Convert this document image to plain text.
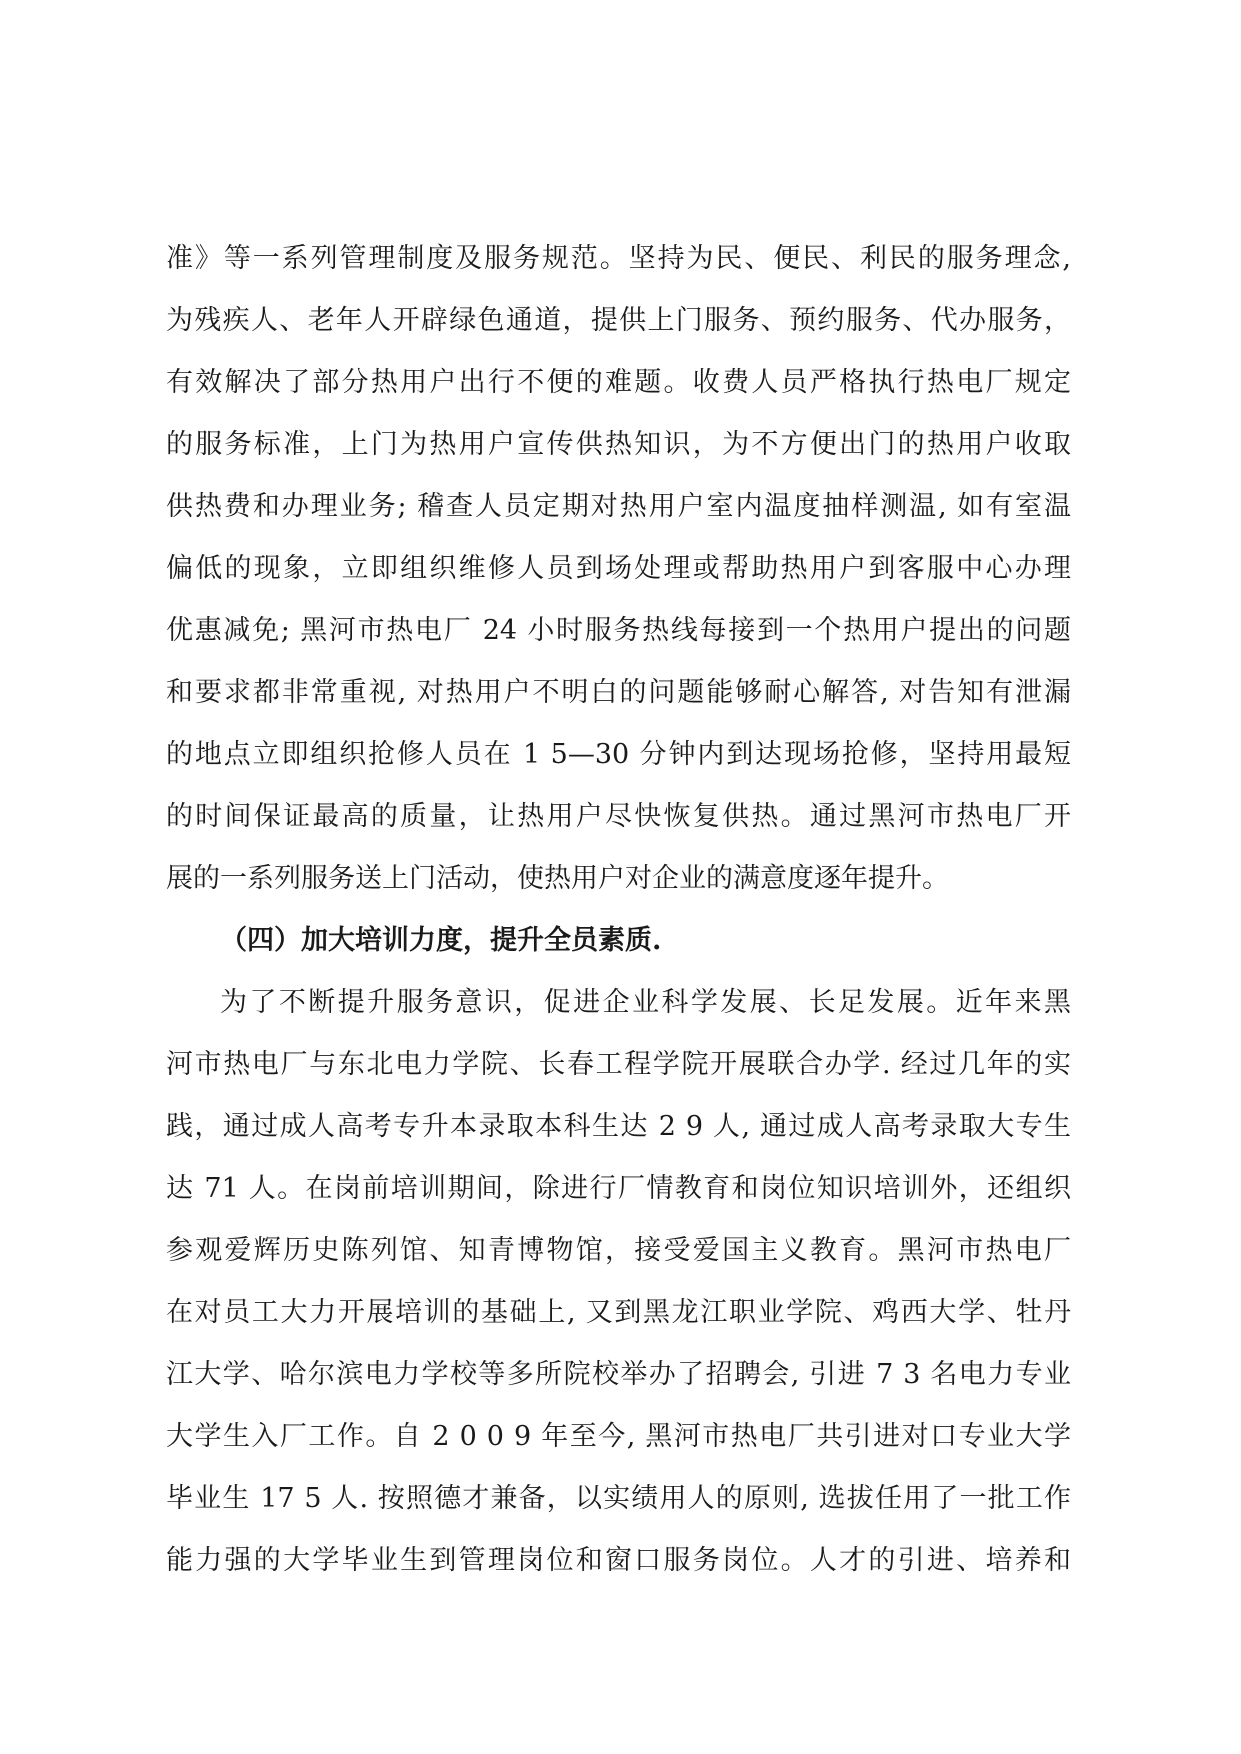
准》等一系列管理制度及服务规范。坚持为民、便民、利民的服务理念,
为残疾人、老年人开辟绿色通道，提供上门服务、预约服务、代办服务，
有效解决了部分热用户出行不便的难题。收费人员严格执行热电厂规定
的服务标准，上门为热用户宣传供热知识，为不方便出门的热用户收取
供热费和办理业务; 稽查人员定期对热用户室内温度抽样测温, 如有室温
偏低的现象，立即组织维修人员到场处理或帮助热用户到客服中心办理
优惠减免; 黑河市热电厂 24 小时服务热线每接到一个热用户提出的问题
和要求都非常重视, 对热用户不明白的问题能够耐心解答, 对告知有泄漏
的地点立即组织抢修人员在 1 5—30 分钟内到达现场抢修，坚持用最短
的时间保证最高的质量，让热用户尽快恢复供热。通过黑河市热电厂开
展的一系列服务送上门活动，使热用户对企业的满意度逐年提升。
（四）加大培训力度，提升全员素质.
为了不断提升服务意识，促进企业科学发展、长足发展。近年来黑
河市热电厂与东北电力学院、长春工程学院开展联合办学. 经过几年的实
践，通过成人高考专升本录取本科生达 2 9 人, 通过成人高考录取大专生
达 71 人。在岗前培训期间，除进行厂情教育和岗位知识培训外，还组织
参观爱辉历史陈列馆、知青博物馆，接受爱国主义教育。黑河市热电厂
在对员工大力开展培训的基础上, 又到黑龙江职业学院、鸡西大学、牡丹
江大学、哈尔滨电力学校等多所院校举办了招聘会, 引进 7 3 名电力专业
大学生入厂工作。自 2 0 0 9 年至今, 黑河市热电厂共引进对口专业大学
毕业生 17 5 人. 按照德才兼备，以实绩用人的原则, 选拔任用了一批工作
能力强的大学毕业生到管理岗位和窗口服务岗位。人才的引进、培养和
